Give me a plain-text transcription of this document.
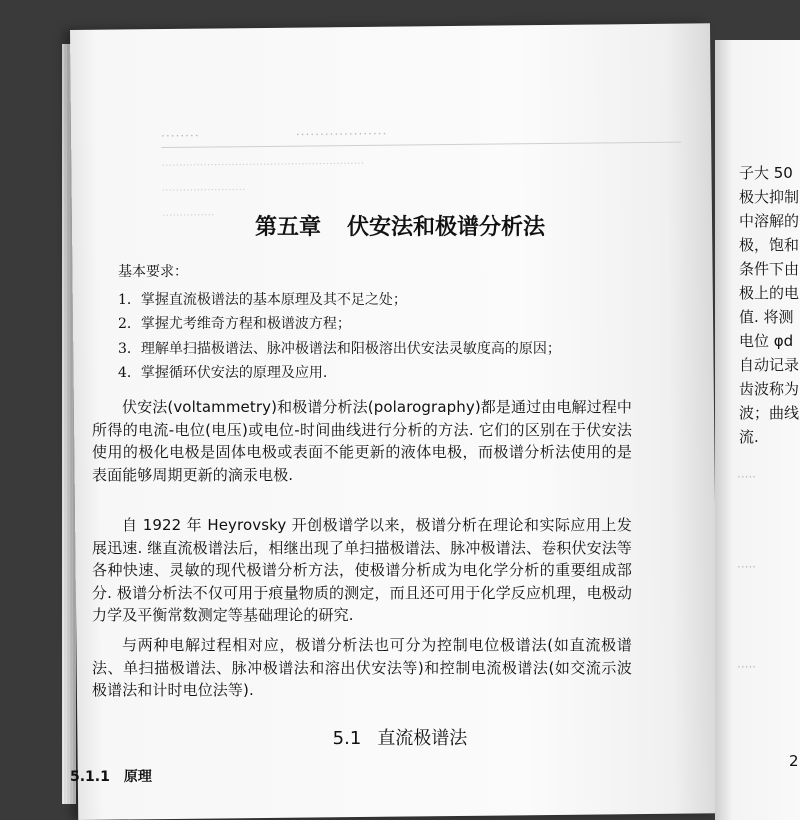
········                    ···················
··························································
························
···············	第五章 伏安法和极谱分析法
基本要求：
1．掌握直流极谱法的基本原理及其不足之处；
2．掌握尤考维奇方程和极谱波方程；
3．理解单扫描极谱法、脉冲极谱法和阳极溶出伏安法灵敏度高的原因；
4．掌握循环伏安法的原理及应用.

伏安法(voltammetry)和极谱分析法(polarography)都是通过由电解过程中所得的电流-电位(电压)或电位-时间曲线进行分析的方法. 它们的区别在于伏安法使用的极化电极是固体电极或表面不能更新的液体电极，而极谱分析法使用的是表面能够周期更新的滴汞电极.

自 1922 年 Heyrovsky 开创极谱学以来，极谱分析在理论和实际应用上发展迅速. 继直流极谱法后，相继出现了单扫描极谱法、脉冲极谱法、卷积伏安法等各种快速、灵敏的现代极谱分析方法，使极谱分析成为电化学分析的重要组成部分. 极谱分析法不仅可用于痕量物质的测定，而且还可用于化学反应机理，电极动力学及平衡常数测定等基础理论的研究.

与两种电解过程相对应，极谱分析法也可分为控制电位极谱法(如直流极谱法、单扫描极谱法、脉冲极谱法和溶出伏安法等)和控制电流极谱法(如交流示波极谱法和计时电位法等).

5.1 直流极谱法
5.1.1 原理
子大 50
极大抑制
中溶解的
极，饱和
条件下由
极上的电
值. 将测
电位 φd
自动记录
齿波称为
波；曲线
流.
·····
·····
·····
2
